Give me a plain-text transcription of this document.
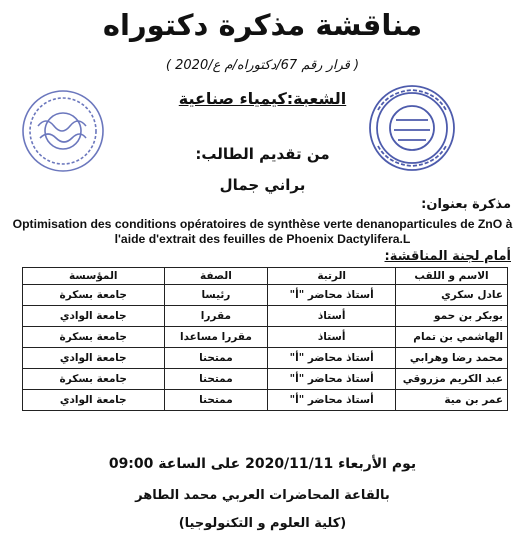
مناقشة مذكرة دكتوراه
( قرار رقم 67/دكتوراه/م ع/2020 )
الشعبة:كيمياء صناعية
من تقديم الطالب:
براني جمال
مذكرة بعنوان:
Optimisation des conditions opératoires de synthèse verte denanoparticules de ZnO à
l'aide d'extrait des feuilles de Phoenix Dactylifera.L
أمام لجنة المناقشة:
الاسم و اللقب	الرتبة	الصفة	المؤسسة
عادل سكري	أستاذ محاضر "أ"	رئيسا	جامعة بسكرة
بوبكر بن حمو	أستاذ	مقررا	جامعة الوادي
الهاشمي بن تمام	أستاذ	مقررا مساعدا	جامعة بسكرة
محمد رضا وهرابي	أستاذ محاضر "أ"	ممتحنا	جامعة الوادي
عبد الكريم مزروقي	أستاذ محاضر "أ"	ممتحنا	جامعة بسكرة
عمر بن مية	أستاذ محاضر "أ"	ممتحنا	جامعة الوادي
يوم الأربعاء 2020/11/11 على الساعة 09:00
بالقاعة المحاضرات العربي محمد الطاهر
(كلية العلوم و التكنولوجيا)
